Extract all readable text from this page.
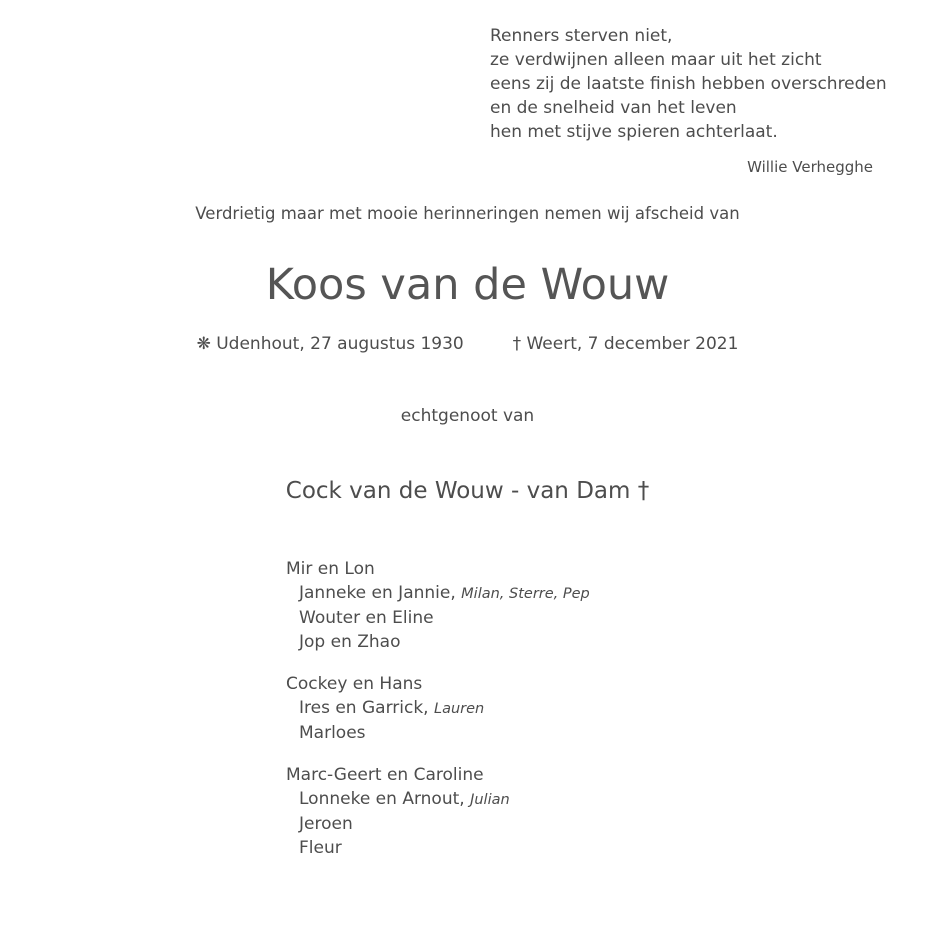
Renners sterven niet,
ze verdwijnen alleen maar uit het zicht
eens zij de laatste finish hebben overschreden
en de snelheid van het leven
hen met stijve spieren achterlaat.
Willie Verhegghe
Verdrietig maar met mooie herinneringen nemen wij afscheid van
Koos van de Wouw
❋ Udenhout, 27 augustus 1930	† Weert, 7 december 2021
echtgenoot van
Cock van de Wouw - van Dam †
Mir en Lon
Janneke en Jannie, Milan, Sterre, Pep
Wouter en Eline
Jop en Zhao
Cockey en Hans
Ires en Garrick, Lauren
Marloes
Marc-Geert en Caroline
Lonneke en Arnout, Julian
Jeroen
Fleur
